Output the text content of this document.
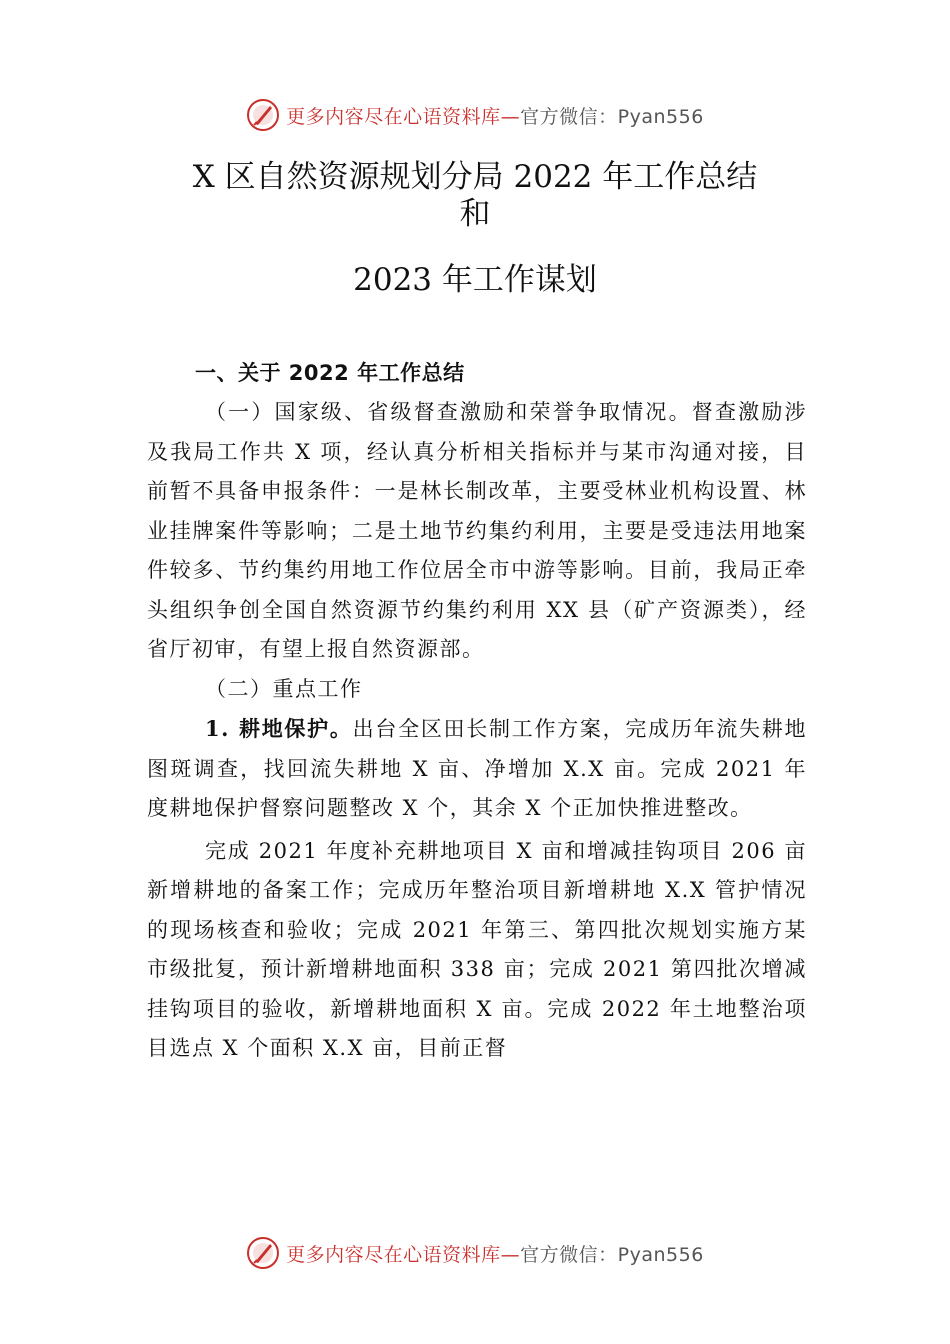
更多内容尽在心语资料库—官方微信：Pyan556
X 区自然资源规划分局 2022 年工作总结
和
2023 年工作谋划

一、关于 2022 年工作总结

（一）国家级、省级督查激励和荣誉争取情况。督查激励涉及我局工作共 X 项，经认真分析相关指标并与某市沟通对接，目前暂不具备申报条件：一是林长制改革，主要受林业机构设置、林业挂牌案件等影响；二是土地节约集约利用，主要是受违法用地案件较多、节约集约用地工作位居全市中游等影响。目前，我局正牵头组织争创全国自然资源节约集约利用 XX 县（矿产资源类），经省厅初审，有望上报自然资源部。

（二）重点工作

1. 耕地保护。出台全区田长制工作方案，完成历年流失耕地图斑调查，找回流失耕地 X 亩、净增加 X.X 亩。完成 2021 年度耕地保护督察问题整改 X 个，其余 X 个正加快推进整改。

完成 2021 年度补充耕地项目 X 亩和增减挂钩项目 206 亩新增耕地的备案工作；完成历年整治项目新增耕地 X.X 管护情况的现场核查和验收；完成 2021 年第三、第四批次规划实施方某市级批复，预计新增耕地面积 338 亩；完成 2021 第四批次增减挂钩项目的验收，新增耕地面积 X 亩。完成 2022 年土地整治项目选点 X 个面积 X.X 亩，目前正督

更多内容尽在心语资料库—官方微信：Pyan556
